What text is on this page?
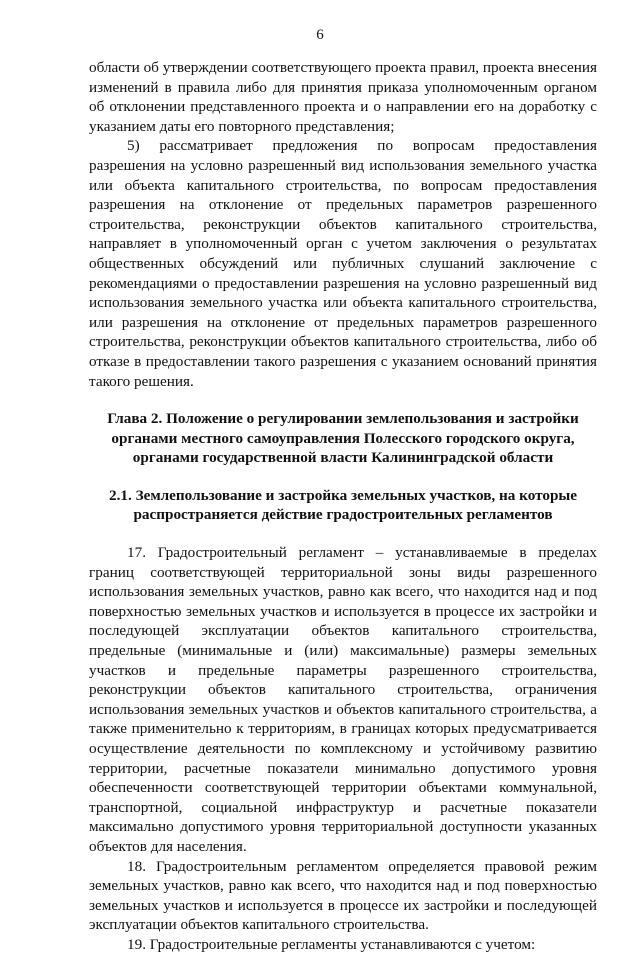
6

области об утверждении соответствующего проекта правил, проекта внесения изменений в правила либо для принятия приказа уполномоченным органом об отклонении представленного проекта и о направлении его на доработку с указанием даты его повторного представления;

5) рассматривает предложения по вопросам предоставления разрешения на условно разрешенный вид использования земельного участка или объекта капитального строительства, по вопросам предоставления разрешения на отклонение от предельных параметров разрешенного строительства, реконструкции объектов капитального строительства, направляет в уполномоченный орган с учетом заключения о результатах общественных обсуждений или публичных слушаний заключение с рекомендациями о предоставлении разрешения на условно разрешенный вид использования земельного участка или объекта капитального строительства, или разрешения на отклонение от предельных параметров разрешенного строительства, реконструкции объектов капитального строительства, либо об отказе в предоставлении такого разрешения с указанием оснований принятия такого решения.

Глава 2. Положение о регулировании землепользования и застройки органами местного самоуправления Полесского городского округа, органами государственной власти Калининградской области

2.1. Землепользование и застройка земельных участков, на которые распространяется действие градостроительных регламентов

17. Градостроительный регламент – устанавливаемые в пределах границ соответствующей территориальной зоны виды разрешенного использования земельных участков, равно как всего, что находится над и под поверхностью земельных участков и используется в процессе их застройки и последующей эксплуатации объектов капитального строительства, предельные (минимальные и (или) максимальные) размеры земельных участков и предельные параметры разрешенного строительства, реконструкции объектов капитального строительства, ограничения использования земельных участков и объектов капитального строительства, а также применительно к территориям, в границах которых предусматривается осуществление деятельности по комплексному и устойчивому развитию территории, расчетные показатели минимально допустимого уровня обеспеченности соответствующей территории объектами коммунальной, транспортной, социальной инфраструктур и расчетные показатели максимально допустимого уровня территориальной доступности указанных объектов для населения.

18. Градостроительным регламентом определяется правовой режим земельных участков, равно как всего, что находится над и под поверхностью земельных участков и используется в процессе их застройки и последующей эксплуатации объектов капитального строительства.

19. Градостроительные регламенты устанавливаются с учетом:
